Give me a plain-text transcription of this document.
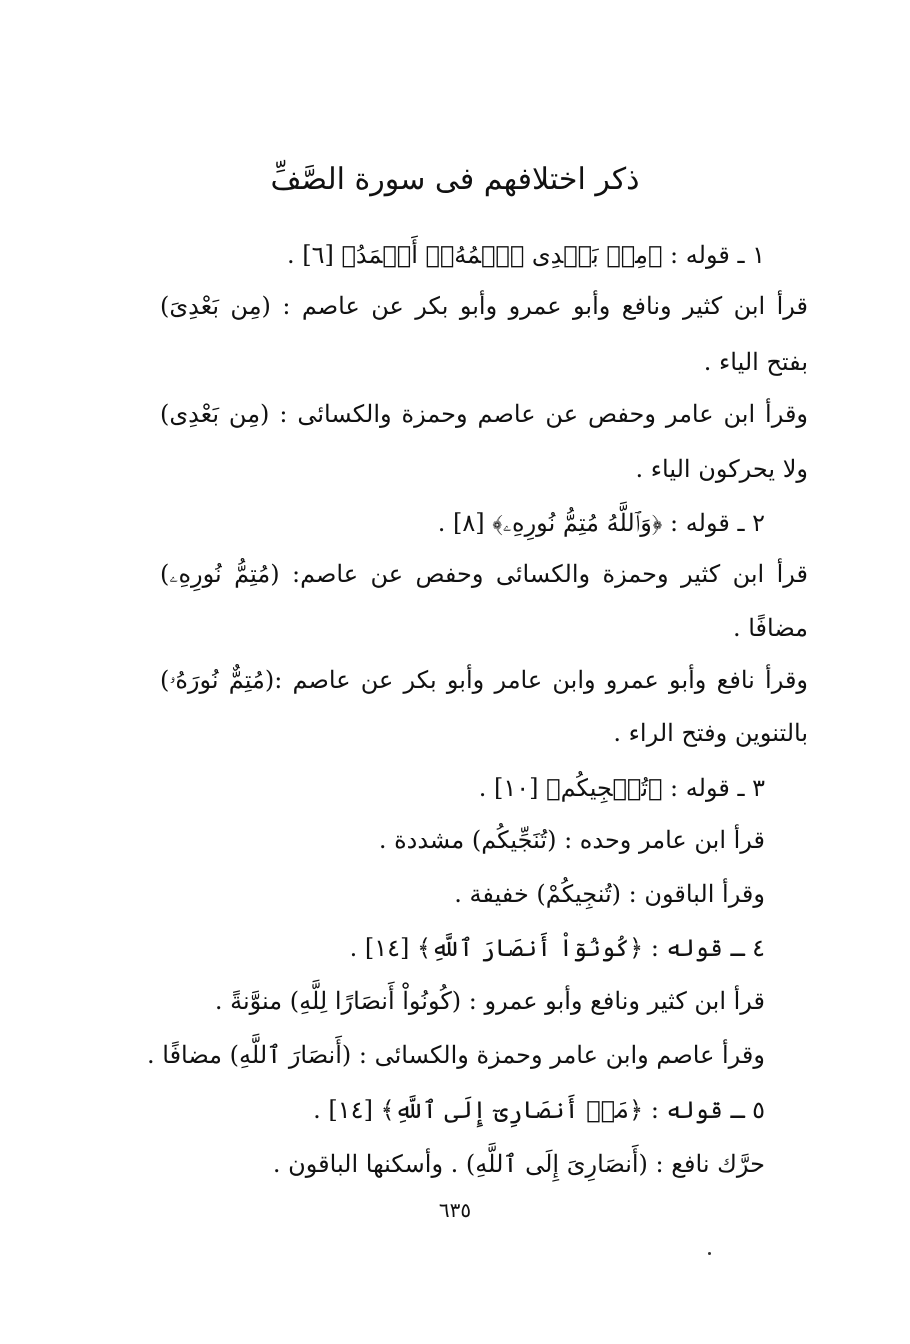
ذكر اختلافهم فى سورة الصَّفِّ
١ ـ قوله : ﴿مِنۢ بَعۡدِى ٱسۡمُهُۥٓ أَحۡمَدُ﴾ [٦] .
قرأ ابن كثير ونافع وأبو عمرو وأبو بكر عن عاصم : (مِن بَعْدِىَ)
بفتح الياء .
وقرأ ابن عامر وحفص عن عاصم وحمزة والكسائى : (مِن بَعْدِى)
ولا يحركون الياء .
٢ ـ قوله : ﴿وَٱللَّهُ مُتِمُّ نُورِهِۦ﴾ [٨] .
قرأ ابن كثير وحمزة والكسائى وحفص عن عاصم: (مُتِمُّ نُورِهِۦ)
مضافًا .
وقرأ نافع وأبو عمرو وابن عامر وأبو بكر عن عاصم :(مُتِمٌّ نُورَهُۥ)
بالتنوين وفتح الراء .
٣ ـ قوله : ﴿تُنۡجِيكُم﴾ [١٠] .
قرأ ابن عامر وحده : (تُنَجِّيكُم) مشددة .
وقرأ الباقون : (تُنجِيكُمْ) خفيفة .
٤ ـ قوله : ﴿كُونُوٓاْ أَنصَارَ ٱللَّهِ﴾ [١٤] .
قرأ ابن كثير ونافع وأبو عمرو : (كُونُواْ أَنصَارًا لِلَّهِ) منوَّنةً .
وقرأ عاصم وابن عامر وحمزة والكسائى : (أَنصَارَ ٱللَّهِ) مضافًا .
٥ ـ قوله : ﴿مَنۡ أَنصَارِىٓ إِلَى ٱللَّهِ﴾ [١٤] .
حرَّك نافع : (أَنصَارِىَ إِلَى ٱللَّهِ) . وأسكنها الباقون .
٦٣٥
